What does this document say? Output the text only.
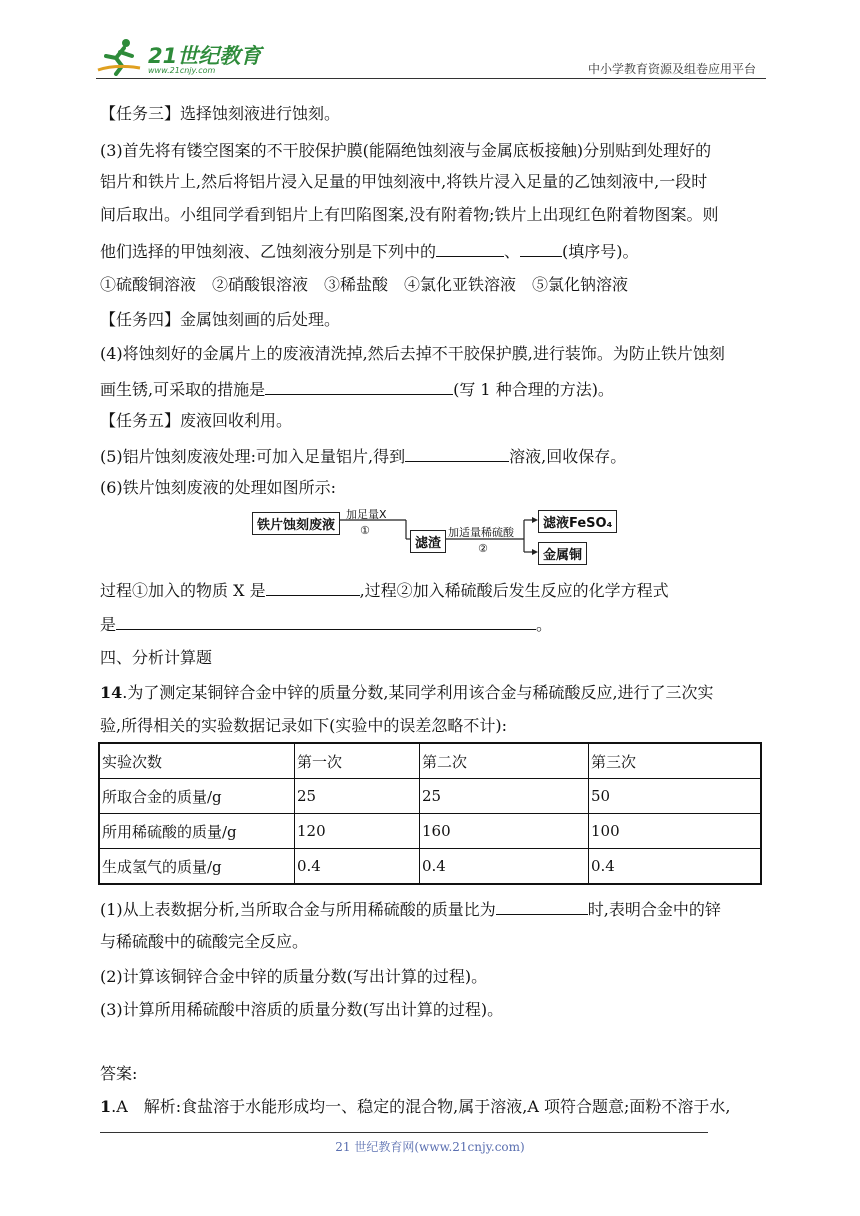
21世纪教育
www.21cnjy.com	中小学教育资源及组卷应用平台
【任务三】选择蚀刻液进行蚀刻。
(3)首先将有镂空图案的不干胶保护膜(能隔绝蚀刻液与金属底板接触)分别贴到处理好的
铝片和铁片上,然后将铝片浸入足量的甲蚀刻液中,将铁片浸入足量的乙蚀刻液中,一段时
间后取出。小组同学看到铝片上有凹陷图案,没有附着物;铁片上出现红色附着物图案。则
他们选择的甲蚀刻液、乙蚀刻液分别是下列中的	、	(填序号)。
①硫酸铜溶液　②硝酸银溶液　③稀盐酸　④氯化亚铁溶液　⑤氯化钠溶液
【任务四】金属蚀刻画的后处理。
(4)将蚀刻好的金属片上的废液清洗掉,然后去掉不干胶保护膜,进行装饰。为防止铁片蚀刻
画生锈,可采取的措施是	(写 1 种合理的方法)。
【任务五】废液回收利用。
(5)铝片蚀刻废液处理:可加入足量铝片,得到	溶液,回收保存。
(6)铁片蚀刻废液的处理如图所示:
铁片蚀刻废液
加足量X
①
滤渣
加适量稀硫酸
②
滤液FeSO₄
金属铜
过程①加入的物质 X 是	,过程②加入稀硫酸后发生反应的化学方程式
是	。
四、分析计算题
14.为了测定某铜锌合金中锌的质量分数,某同学利用该合金与稀硫酸反应,进行了三次实
验,所得相关的实验数据记录如下(实验中的误差忽略不计):
实验次数	第一次	第二次	第三次
所取合金的质量/g	25	25	50
所用稀硫酸的质量/g	120	160	100
生成氢气的质量/g	0.4	0.4	0.4
(1)从上表数据分析,当所取合金与所用稀硫酸的质量比为	时,表明合金中的锌
与稀硫酸中的硫酸完全反应。
(2)计算该铜锌合金中锌的质量分数(写出计算的过程)。
(3)计算所用稀硫酸中溶质的质量分数(写出计算的过程)。
答案:
1.A　解析:食盐溶于水能形成均一、稳定的混合物,属于溶液,A 项符合题意;面粉不溶于水,
21 世纪教育网(www.21cnjy.com)
